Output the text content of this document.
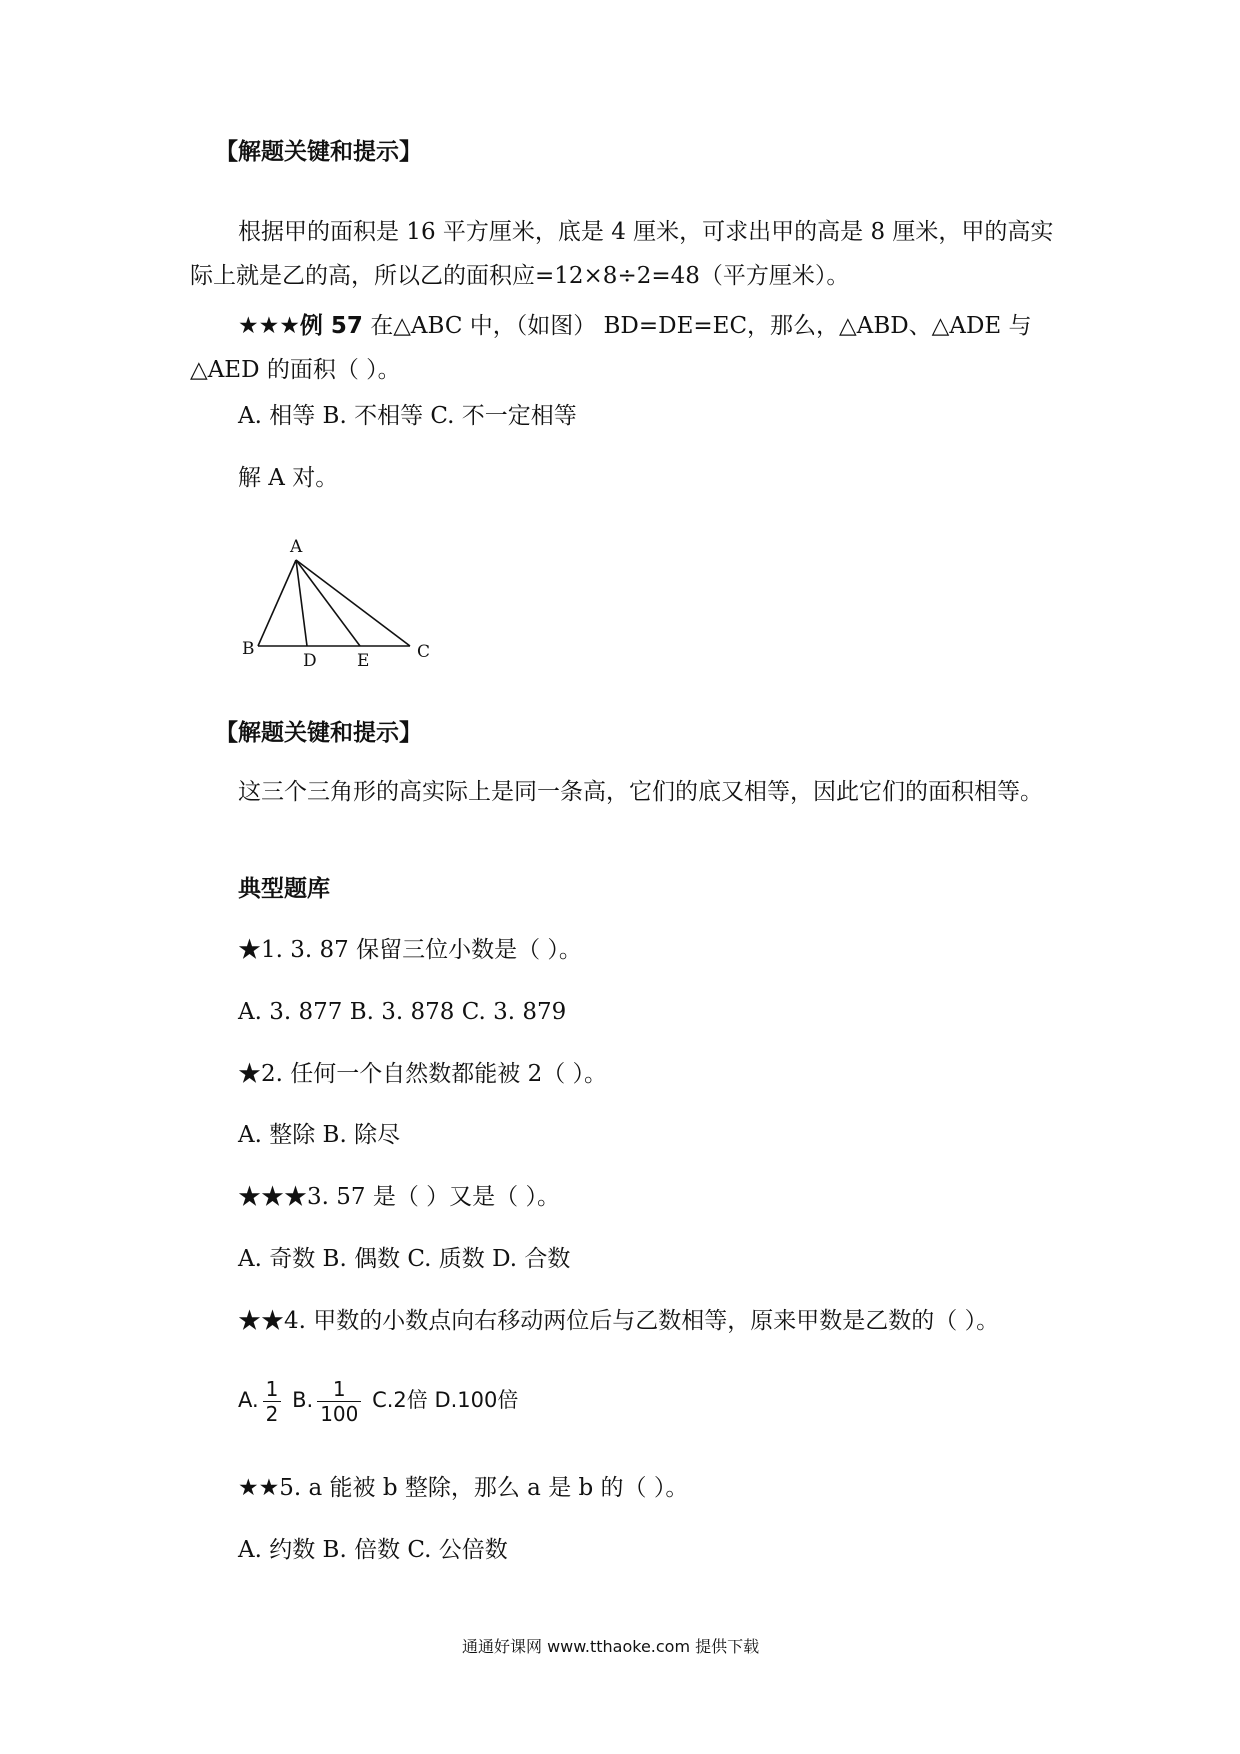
【解题关键和提示】
根据甲的面积是 16 平方厘米，底是 4 厘米，可求出甲的高是 8 厘米，甲的高实际上就是乙的高，所以乙的面积应=12×8÷2=48（平方厘米）。
★★★例 57 在△ABC 中，（如图） BD=DE=EC，那么，△ABD、△ADE 与△AED 的面积（ ）。
A. 相等 B. 不相等 C. 不一定相等
解 A 对。
A
B
D E	C
【解题关键和提示】
这三个三角形的高实际上是同一条高，它们的底又相等，因此它们的面积相等。
典型题库
★1. 3. 87 保留三位小数是（ ）。
A. 3. 877 B. 3. 878 C. 3. 879
★2. 任何一个自然数都能被 2（ ）。
A. 整除 B. 除尽
★★★3. 57 是（ ）又是（ ）。
A. 奇数 B. 偶数 C. 质数 D. 合数
★★4. 甲数的小数点向右移动两位后与乙数相等，原来甲数是乙数的（ ）。
A. $\frac{1}{2} B$. $\frac{1}{100} C.2$倍 D.100倍
★★5. a 能被 b 整除，那么 a 是 b 的（ ）。
A. 约数 B. 倍数 C. 公倍数
通通好课网 www.tthaoke.com 提供下载
